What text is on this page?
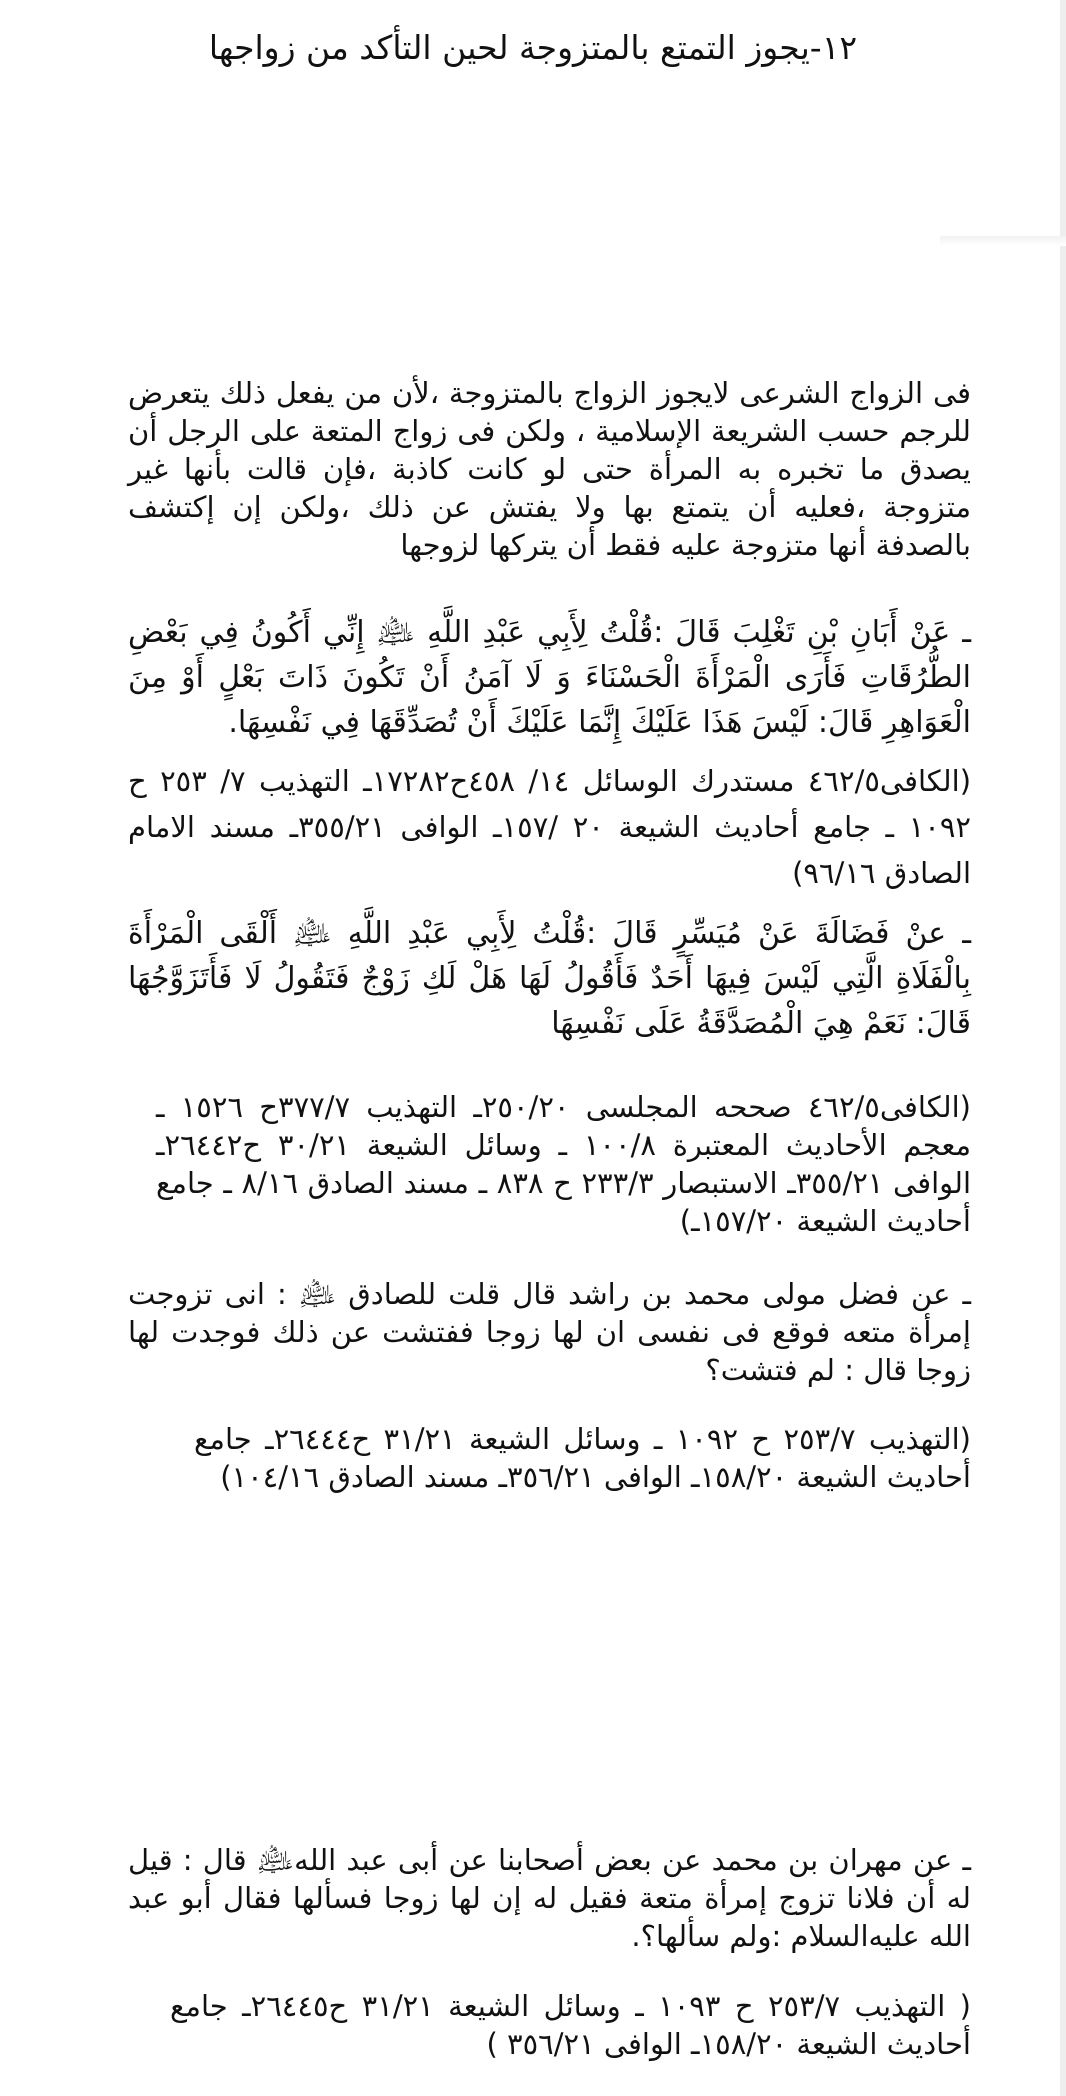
١٢-يجوز التمتع بالمتزوجة لحين التأكد من زواجها

فى الزواج الشرعى لايجوز الزواج بالمتزوجة ،لأن من يفعل ذلك يتعرض للرجم حسب الشريعة الإسلامية ، ولكن فى زواج المتعة على الرجل أن يصدق ما تخبره به المرأة حتى لو كانت كاذبة ،فإن قالت بأنها غير متزوجة ،فعليه أن يتمتع بها ولا يفتش عن ذلك ،ولكن إن إكتشف بالصدفة أنها متزوجة عليه فقط أن يتركها لزوجها

ـ عَنْ أَبَانِ بْنِ تَغْلِبَ قَالَ :قُلْتُ لِأَبِي عَبْدِ اللَّهِ ﵇ إِنِّي أَكُونُ فِي بَعْضِ الطُّرُقَاتِ فَأَرَى الْمَرْأَةَ الْحَسْنَاءَ وَ لَا آمَنُ أَنْ تَكُونَ ذَاتَ بَعْلٍ أَوْ مِنَ الْعَوَاهِرِ قَالَ: لَيْسَ هَذَا عَلَيْكَ إِنَّمَا عَلَيْكَ أَنْ تُصَدِّقَهَا فِي نَفْسِهَا.

(الكافى٤٦٢/٥ مستدرك الوسائل ١٤/ ٤٥٨ح١٧٢٨٢ـ التهذيب ٧/ ٢٥٣ ح ١٠٩٢ ـ جامع أحاديث الشيعة ٢٠ /١٥٧ـ الوافى ٣٥٥/٢١ـ مسند الامام الصادق ٩٦/١٦)

ـ عنْ فَضَالَةَ عَنْ مُيَسِّرٍ قَالَ :قُلْتُ لِأَبِي عَبْدِ اللَّهِ ﵇ أَلْقَى الْمَرْأَةَ بِالْفَلَاةِ الَّتِي لَيْسَ فِيهَا أَحَدٌ فَأَقُولُ لَهَا هَلْ لَكِ زَوْجٌ فَتَقُولُ لَا فَأَتَزَوَّجُهَا قَالَ: نَعَمْ هِيَ الْمُصَدَّقَةُ عَلَى نَفْسِهَا

(الكافى٤٦٢/٥ صححه المجلسى ٢٥٠/٢٠ـ التهذيب ٣٧٧/٧ح ١٥٢٦ ـ معجم الأحاديث المعتبرة ١٠٠/٨ ـ وسائل الشيعة ٣٠/٢١ ح٢٦٤٤٢ـ الوافى ٣٥٥/٢١ـ الاستبصار ٢٣٣/٣ ح ٨٣٨ ـ مسند الصادق ٨/١٦ ـ جامع أحاديث الشيعة ١٥٧/٢٠ـ)

ـ عن فضل مولى محمد بن راشد قال قلت للصادق ﵇ : انى تزوجت إمرأة متعه فوقع فى نفسى ان لها زوجا ففتشت عن ذلك فوجدت لها زوجا قال : لم فتشت؟

(التهذيب ٢٥٣/٧ ح ١٠٩٢ ـ وسائل الشيعة ٣١/٢١ ح٢٦٤٤٤ـ جامع أحاديث الشيعة ١٥٨/٢٠ـ الوافى ٣٥٦/٢١ـ مسند الصادق ١٠٤/١٦)

ـ عن مهران بن محمد عن بعض أصحابنا عن أبى عبد الله﵇ قال : قيل له أن فلانا تزوج إمرأة متعة فقيل له إن لها زوجا فسألها فقال أبو عبد الله عليه‌السلام :ولم سألها؟.

( التهذيب ٢٥٣/٧ ح ١٠٩٣ ـ وسائل الشيعة ٣١/٢١ ح٢٦٤٤٥ـ جامع أحاديث الشيعة ١٥٨/٢٠ـ الوافى ٣٥٦/٢١ )
